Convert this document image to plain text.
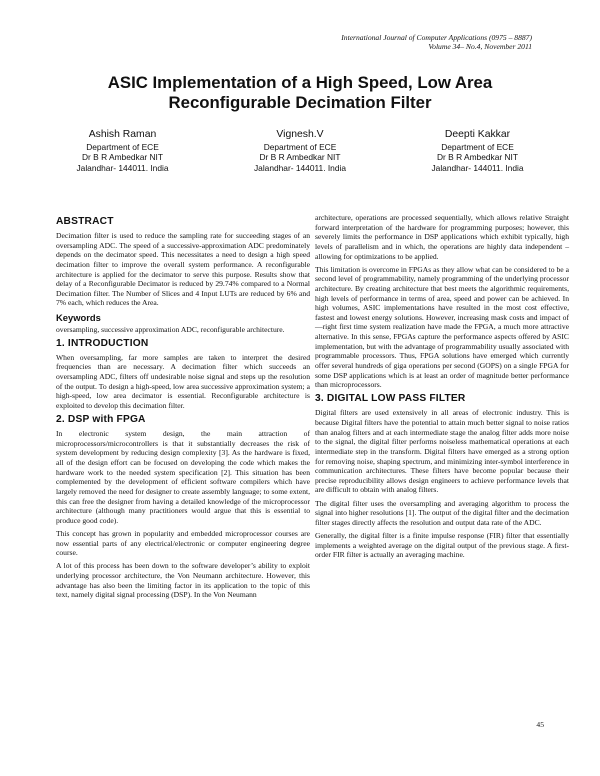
International Journal of Computer Applications (0975 – 8887)
Volume 34– No.4, November 2011
ASIC Implementation of a High Speed, Low Area
Reconfigurable Decimation Filter
Ashish Raman
Department of ECE
Dr B R Ambedkar NIT
Jalandhar- 144011. India
Vignesh.V
Department of ECE
Dr B R Ambedkar NIT
Jalandhar- 144011. India
Deepti Kakkar
Department of ECE
Dr B R Ambedkar NIT
Jalandhar- 144011. India
ABSTRACT

Decimation filter is used to reduce the sampling rate for succeeding stages of an oversampling ADC. The speed of a successive-approximation ADC predominately depends on the decimator speed. This necessitates a need to design a high speed decimation filter to improve the overall system performance. A reconfigurable architecture is applied for the decimator to serve this purpose. Results show that delay of a Reconfigurable Decimator is reduced by 29.74% compared to a Normal Decimation filter. The Number of Slices and 4 Input LUTs are reduced by 6% and 7% each, which reduces the Area.

Keywords

oversampling, successive approximation ADC, reconfigurable architecture.

1. INTRODUCTION

When oversampling, far more samples are taken to interpret the desired frequencies than are necessary. A decimation filter which succeeds an oversampling ADC, filters off undesirable noise signal and steps up the resolution of the output. To design a high-speed, low area successive approximation system; a high-speed, low area decimator is essential. Reconfigurable architecture is exploited to develop this decimation filter.

2. DSP with FPGA

In electronic system design, the main attraction of microprocessors/microcontrollers is that it substantially decreases the risk of system development by reducing design complexity [3]. As the hardware is fixed, all of the design effort can be focused on developing the code which makes the hardware work to the needed system specification [2]. This situation has been complemented by the development of efficient software compilers which have largely removed the need for designer to create assembly language; to some extent, this can free the designer from having a detailed knowledge of the microprocessor architecture (although many practitioners would argue that this is essential to produce good code).

This concept has grown in popularity and embedded microprocessor courses are now essential parts of any electrical/electronic or computer engineering degree course.

A lot of this process has been down to the software developer’s ability to exploit underlying processor architecture, the Von Neumann architecture. However, this advantage has also been the limiting factor in its application to the topic of this text, namely digital signal processing (DSP). In the Von Neumann

architecture, operations are processed sequentially, which allows relative Straight forward interpretation of the hardware for programming purposes; however, this severely limits the performance in DSP applications which exhibit typically, high levels of parallelism and in which, the operations are highly data independent – allowing for optimizations to be applied.

This limitation is overcome in FPGAs as they allow what can be considered to be a second level of programmability, namely programming of the underlying processor architecture. By creating architecture that best meets the algorithmic requirements, high levels of performance in terms of area, speed and power can be achieved. In high volumes, ASIC implementations have resulted in the most cost effective, fastest and lowest energy solutions. However, increasing mask costs and impact of —right first time system realization have made the FPGA, a much more attractive alternative. In this sense, FPGAs capture the performance aspects offered by ASIC implementation, but with the advantage of programmability usually associated with programmable processors. Thus, FPGA solutions have emerged which currently offer several hundreds of giga operations per second (GOPS) on a single FPGA for some DSP applications which is at least an order of magnitude better performance than microprocessors.

3. DIGITAL LOW PASS FILTER

Digital filters are used extensively in all areas of electronic industry. This is because Digital filters have the potential to attain much better signal to noise ratios than analog filters and at each intermediate stage the analog filter adds more noise to the signal, the digital filter performs noiseless mathematical operations at each intermediate step in the transform. Digital filters have emerged as a strong option for removing noise, shaping spectrum, and minimizing inter-symbol interference in communication architectures. These filters have become popular because their precise reproducibility allows design engineers to achieve performance levels that are difficult to obtain with analog filters.

The digital filter uses the oversampling and averaging algorithm to process the signal into higher resolutions [1]. The output of the digital filter and the decimation filter stages directly affects the resolution and output data rate of the ADC.

Generally, the digital filter is a finite impulse response (FIR) filter that essentially implements a weighted average on the digital output of the previous stage. A first-order FIR filter is actually an averaging machine.

45
